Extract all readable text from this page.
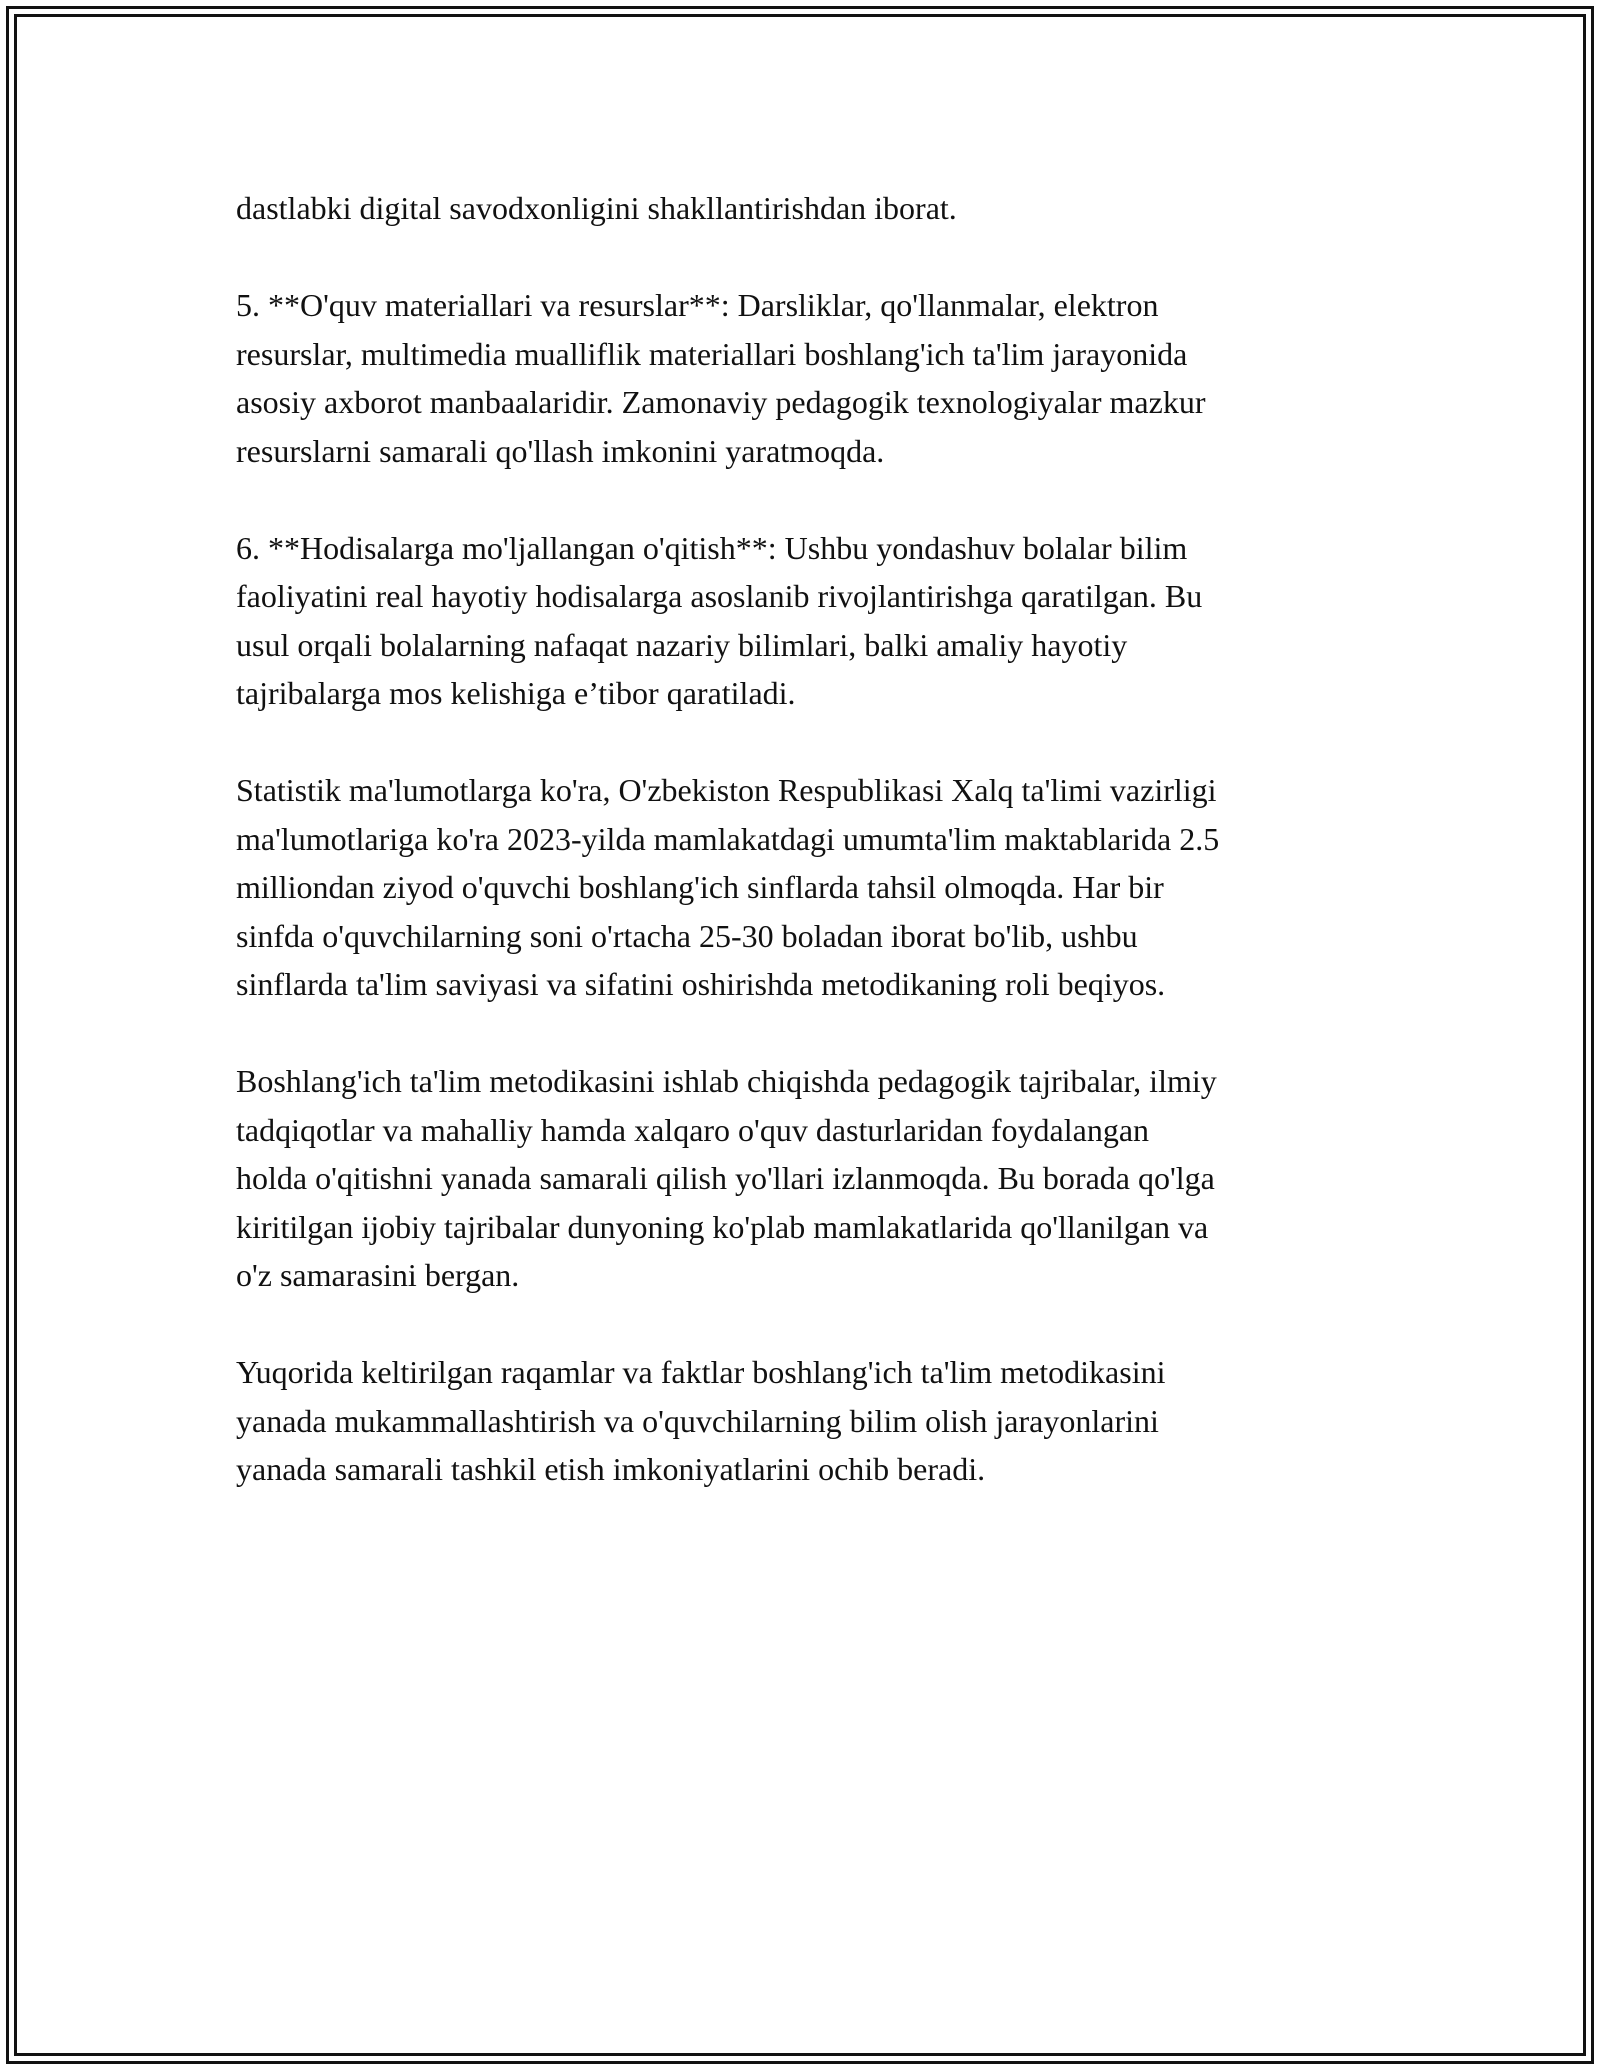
dastlabki digital savodxonligini shakllantirishdan iborat.

5. **O'quv materiallari va resurslar**: Darsliklar, qo'llanmalar, elektron
resurslar, multimedia mualliflik materiallari boshlang'ich ta'lim jarayonida
asosiy axborot manbaalaridir. Zamonaviy pedagogik texnologiyalar mazkur
resurslarni samarali qo'llash imkonini yaratmoqda.

6. **Hodisalarga mo'ljallangan o'qitish**: Ushbu yondashuv bolalar bilim
faoliyatini real hayotiy hodisalarga asoslanib rivojlantirishga qaratilgan. Bu
usul orqali bolalarning nafaqat nazariy bilimlari, balki amaliy hayotiy
tajribalarga mos kelishiga e’tibor qaratiladi.

Statistik ma'lumotlarga ko'ra, O'zbekiston Respublikasi Xalq ta'limi vazirligi
ma'lumotlariga ko'ra 2023-yilda mamlakatdagi umumta'lim maktablarida 2.5
milliondan ziyod o'quvchi boshlang'ich sinflarda tahsil olmoqda. Har bir
sinfda o'quvchilarning soni o'rtacha 25-30 boladan iborat bo'lib, ushbu
sinflarda ta'lim saviyasi va sifatini oshirishda metodikaning roli beqiyos.

Boshlang'ich ta'lim metodikasini ishlab chiqishda pedagogik tajribalar, ilmiy
tadqiqotlar va mahalliy hamda xalqaro o'quv dasturlaridan foydalangan
holda o'qitishni yanada samarali qilish yo'llari izlanmoqda. Bu borada qo'lga
kiritilgan ijobiy tajribalar dunyoning ko'plab mamlakatlarida qo'llanilgan va
o'z samarasini bergan.

Yuqorida keltirilgan raqamlar va faktlar boshlang'ich ta'lim metodikasini
yanada mukammallashtirish va o'quvchilarning bilim olish jarayonlarini
yanada samarali tashkil etish imkoniyatlarini ochib beradi.
